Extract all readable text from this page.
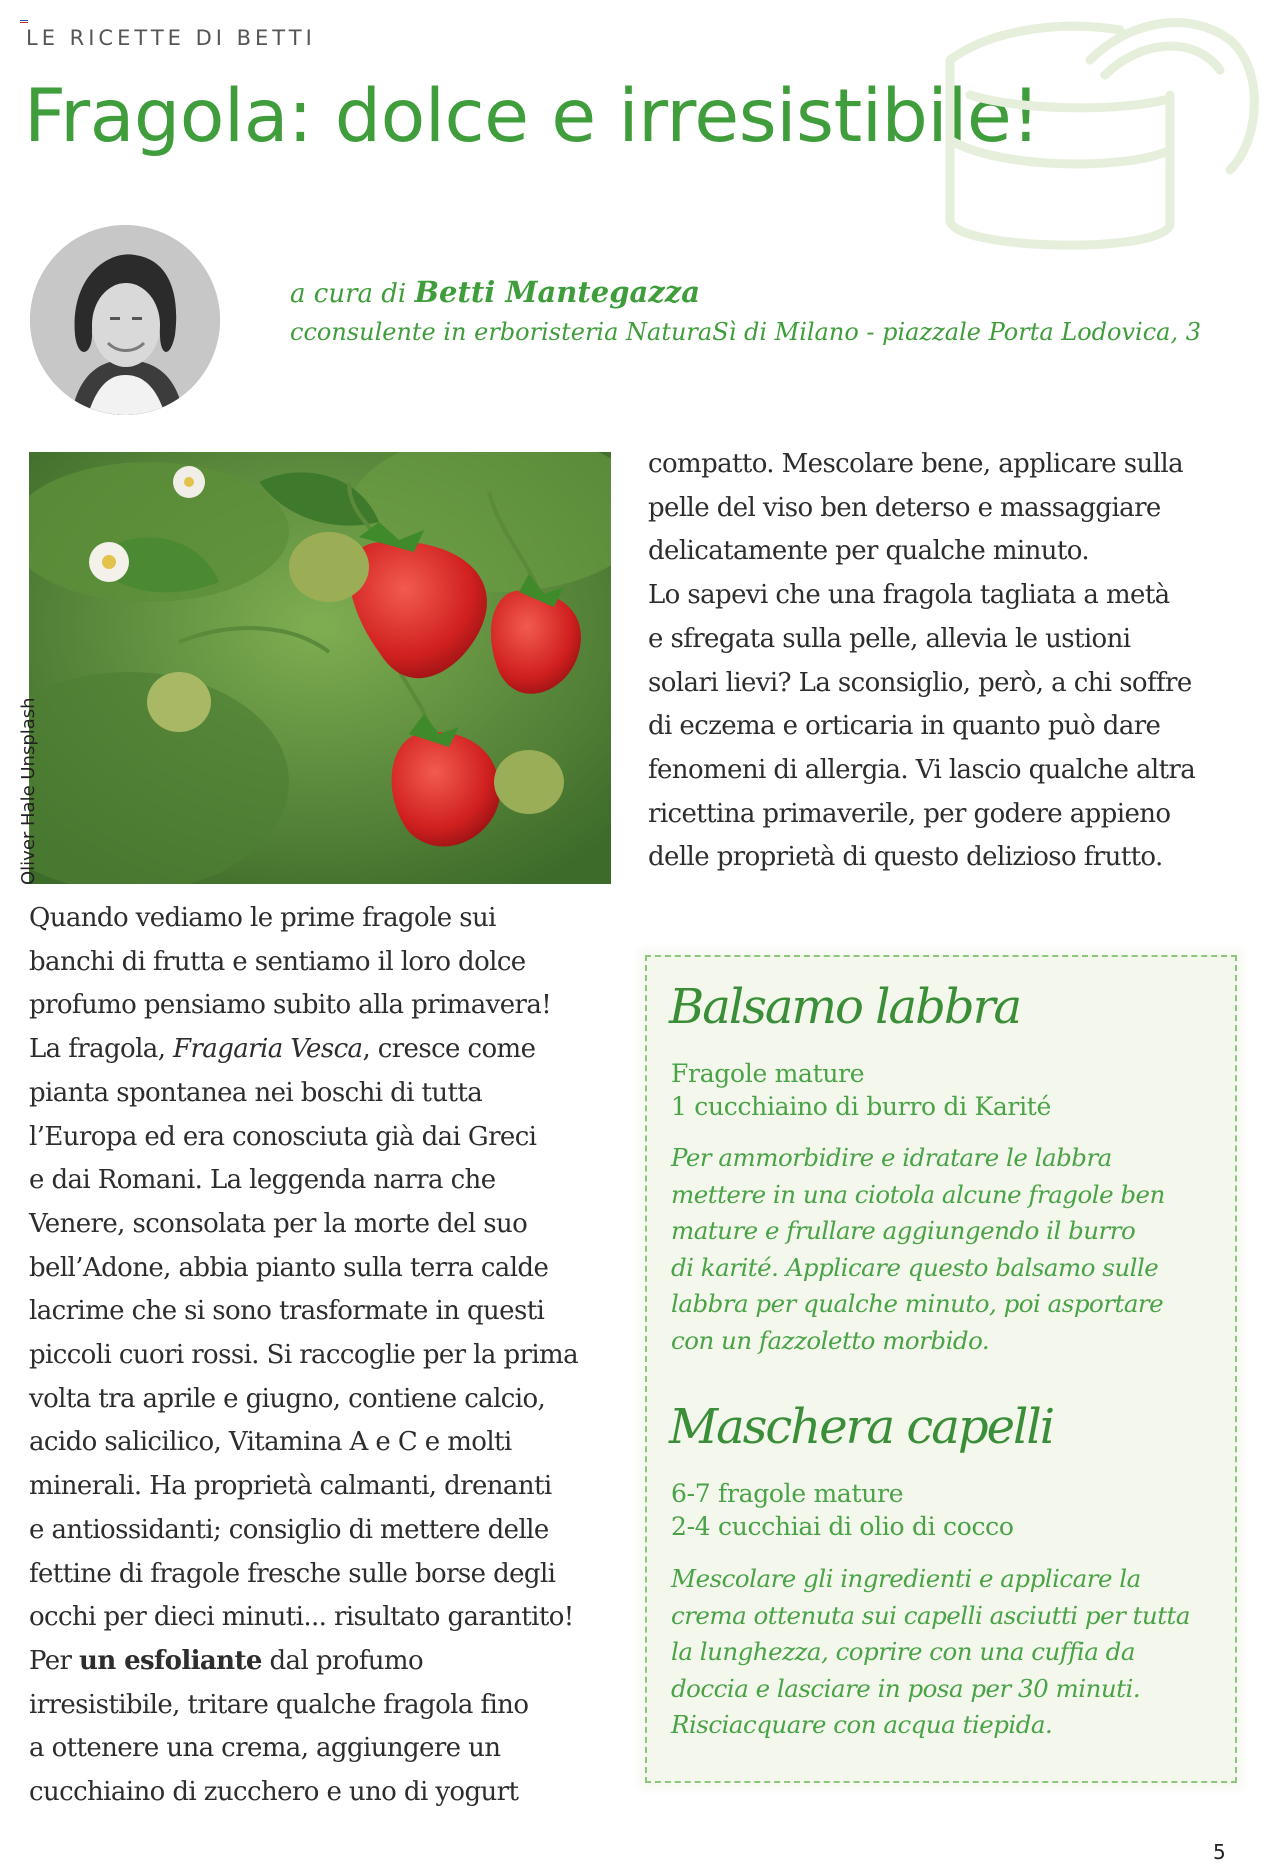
LE RICETTE DI BETTI
Fragola: dolce e irresistibile!
a cura di Betti Mantegazza
cconsulente in erboristeria NaturaSì di Milano - piazzale Porta Lodovica, 3
Oliver Hale Unsplash
Quando vediamo le prime fragole sui
banchi di frutta e sentiamo il loro dolce
profumo pensiamo subito alla primavera!
La fragola, Fragaria Vesca, cresce come
pianta spontanea nei boschi di tutta
l’Europa ed era conosciuta già dai Greci
e dai Romani. La leggenda narra che
Venere, sconsolata per la morte del suo
bell’Adone, abbia pianto sulla terra calde
lacrime che si sono trasformate in questi
piccoli cuori rossi. Si raccoglie per la prima
volta tra aprile e giugno, contiene calcio,
acido salicilico, Vitamina A e C e molti
minerali. Ha proprietà calmanti, drenanti
e antiossidanti; consiglio di mettere delle
fettine di fragole fresche sulle borse degli
occhi per dieci minuti... risultato garantito!
Per un esfoliante dal profumo
irresistibile, tritare qualche fragola fino
a ottenere una crema, aggiungere un
cucchiaino di zucchero e uno di yogurt
compatto. Mescolare bene, applicare sulla
pelle del viso ben deterso e massaggiare
delicatamente per qualche minuto.
Lo sapevi che una fragola tagliata a metà
e sfregata sulla pelle, allevia le ustioni
solari lievi? La sconsiglio, però, a chi soffre
di eczema e orticaria in quanto può dare
fenomeni di allergia. Vi lascio qualche altra
ricettina primaverile, per godere appieno
delle proprietà di questo delizioso frutto.
Balsamo labbra
Fragole mature
1 cucchiaino di burro di Karité
Per ammorbidire e idratare le labbra
mettere in una ciotola alcune fragole ben
mature e frullare aggiungendo il burro
di karité. Applicare questo balsamo sulle
labbra per qualche minuto, poi asportare
con un fazzoletto morbido.
Maschera capelli
6-7 fragole mature
2-4 cucchiai di olio di cocco
Mescolare gli ingredienti e applicare la
crema ottenuta sui capelli asciutti per tutta
la lunghezza, coprire con una cuffia da
doccia e lasciare in posa per 30 minuti.
Risciacquare con acqua tiepida.
5
